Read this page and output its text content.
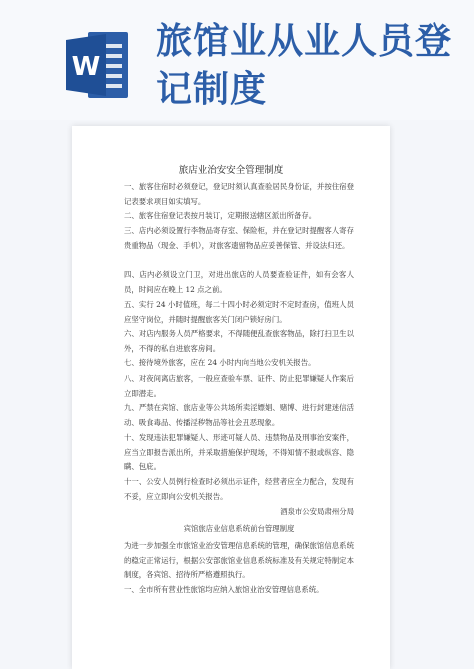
W
旅馆业从业人员登记制度
旅店业治安安全管理制度

一、旅客住宿时必须登记，登记时须认真查验居民身份证，并按住宿登记表要求项目如实填写。

二、旅客住宿登记表按月装订，定期报送辖区派出所备存。

三、店内必须设置行李物品寄存室、保险柜，并在登记时提醒客人寄存贵重物品（现金、手机），对旅客遗留物品应妥善保管、并设法归还。

四、店内必须设立门卫，对进出旅店的人员要查验证件，如有会客人员，时间应在晚上 12 点之前。

五、实行 24 小时值班，每二十四小时必须定时不定时查房，值班人员应坚守岗位，并随时提醒旅客关门闭户锁好房门。

六、对店内服务人员严格要求，不得随便乱查旅客物品，除打扫卫生以外，不得的私自进旅客房间。

七、接待境外旅客，应在 24 小时内向当地公安机关报告。

八、对夜间离店旅客，一般应查验车票、证件、防止犯罪嫌疑人作案后立即潜走。

九、严禁在宾馆、旅店业等公共场所卖淫嫖娼、赌博、进行封建迷信活动、吸食毒品、传播淫秽物品等社会丑恶现象。

十、发现违法犯罪嫌疑人、形迹可疑人员、违禁物品及刑事治安案件，应当立即报告派出所，并采取措施保护现场，不得知情不报或纵容、隐瞒、包庇。

十一、公安人员例行检查时必须出示证件，经营者应全力配合，发现有不妥，应立即向公安机关报告。

酒泉市公安局肃州分局
宾馆旅店业信息系统前台管理制度

为进一步加强全市旅馆业治安管理信息系统的管理，确保旅馆信息系统的稳定正常运行，根据公安部旅馆业信息系统标准及有关规定特制定本制度，各宾馆、招待所严格遵照执行。

一、全市所有营业性旅馆均应纳入旅馆业治安管理信息系统。
